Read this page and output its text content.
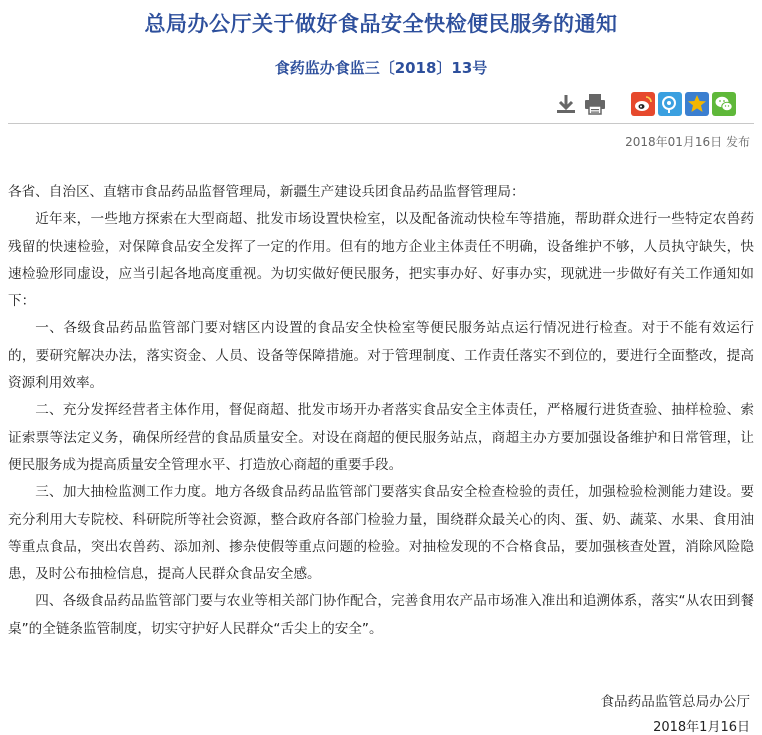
总局办公厅关于做好食品安全快检便民服务的通知
食药监办食监三〔2018〕13号
2018年01月16日 发布

各省、自治区、直辖市食品药品监督管理局，新疆生产建设兵团食品药品监督管理局：

近年来，一些地方探索在大型商超、批发市场设置快检室，以及配备流动快检车等措施，帮助群众进行一些特定农兽药残留的快速检验，对保障食品安全发挥了一定的作用。但有的地方企业主体责任不明确，设备维护不够，人员执守缺失，快速检验形同虚设，应当引起各地高度重视。为切实做好便民服务，把实事办好、好事办实，现就进一步做好有关工作通知如下：

一、各级食品药品监管部门要对辖区内设置的食品安全快检室等便民服务站点运行情况进行检查。对于不能有效运行的，要研究解决办法，落实资金、人员、设备等保障措施。对于管理制度、工作责任落实不到位的，要进行全面整改，提高资源利用效率。

二、充分发挥经营者主体作用，督促商超、批发市场开办者落实食品安全主体责任，严格履行进货查验、抽样检验、索证索票等法定义务，确保所经营的食品质量安全。对设在商超的便民服务站点，商超主办方要加强设备维护和日常管理，让便民服务成为提高质量安全管理水平、打造放心商超的重要手段。

三、加大抽检监测工作力度。地方各级食品药品监管部门要落实食品安全检查检验的责任，加强检验检测能力建设。要充分利用大专院校、科研院所等社会资源，整合政府各部门检验力量，围绕群众最关心的肉、蛋、奶、蔬菜、水果、食用油等重点食品，突出农兽药、添加剂、掺杂使假等重点问题的检验。对抽检发现的不合格食品，要加强核查处置，消除风险隐患，及时公布抽检信息，提高人民群众食品安全感。

四、各级食品药品监管部门要与农业等相关部门协作配合，完善食用农产品市场准入准出和追溯体系，落实“从农田到餐桌”的全链条监管制度，切实守护好人民群众“舌尖上的安全”。

食品药品监管总局办公厅
2018年1月16日
